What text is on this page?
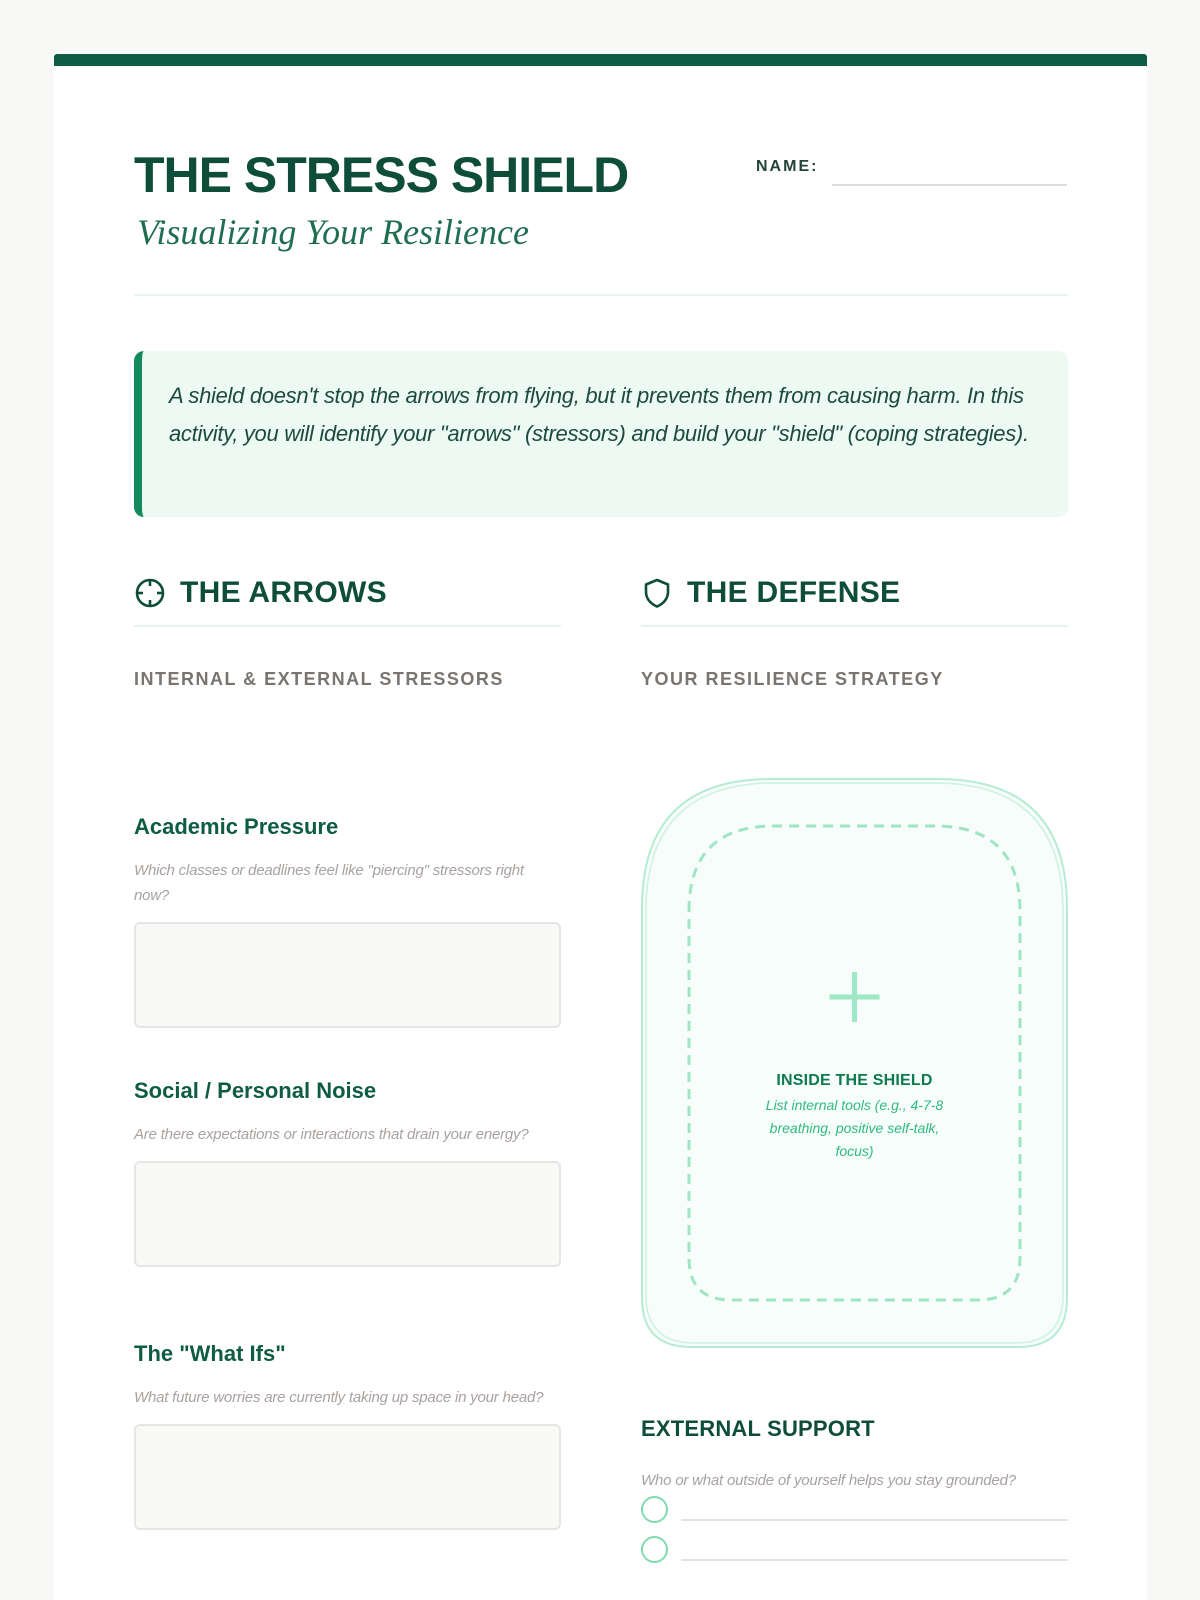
THE STRESS SHIELD
Visualizing Your Resilience
NAME:

A shield doesn't stop the arrows from flying, but it prevents them from causing harm. In this activity, you will identify your "arrows" (stressors) and build your "shield" (coping strategies).

THE ARROWS
INTERNAL & EXTERNAL STRESSORS
Academic Pressure
Which classes or deadlines feel like "piercing" stressors right now?
Social / Personal Noise
Are there expectations or interactions that drain your energy?
The "What Ifs"
What future worries are currently taking up space in your head?
THE DEFENSE
YOUR RESILIENCE STRATEGY
INSIDE THE SHIELD
List internal tools (e.g., 4-7-8 breathing, positive self-talk, focus)
EXTERNAL SUPPORT
Who or what outside of yourself helps you stay grounded?
